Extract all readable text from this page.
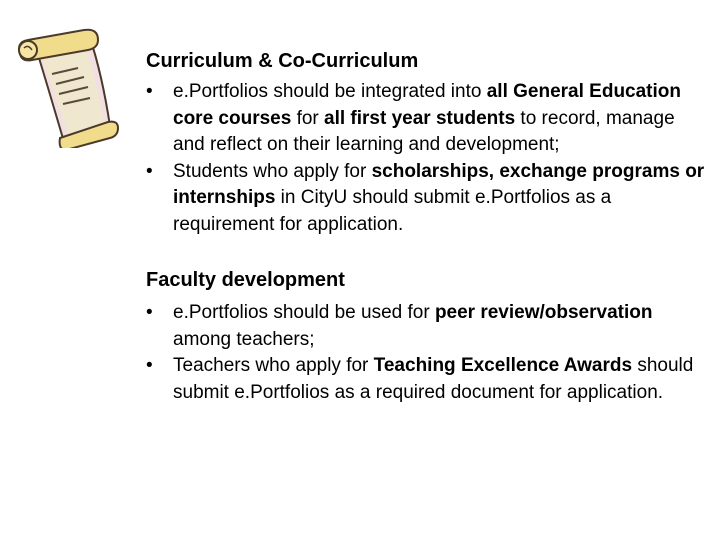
Curriculum & Co-Curriculum

• e.Portfolios should be integrated into all General Education core courses for all first year students to record, manage and reflect on their learning and development;
• Students who apply for scholarships, exchange programs or internships in CityU should submit e.Portfolios as a requirement for application.

Faculty development

• e.Portfolios should be used for peer review/observation among teachers;
• Teachers who apply for Teaching Excellence Awards should submit e.Portfolios as a required document for application.
